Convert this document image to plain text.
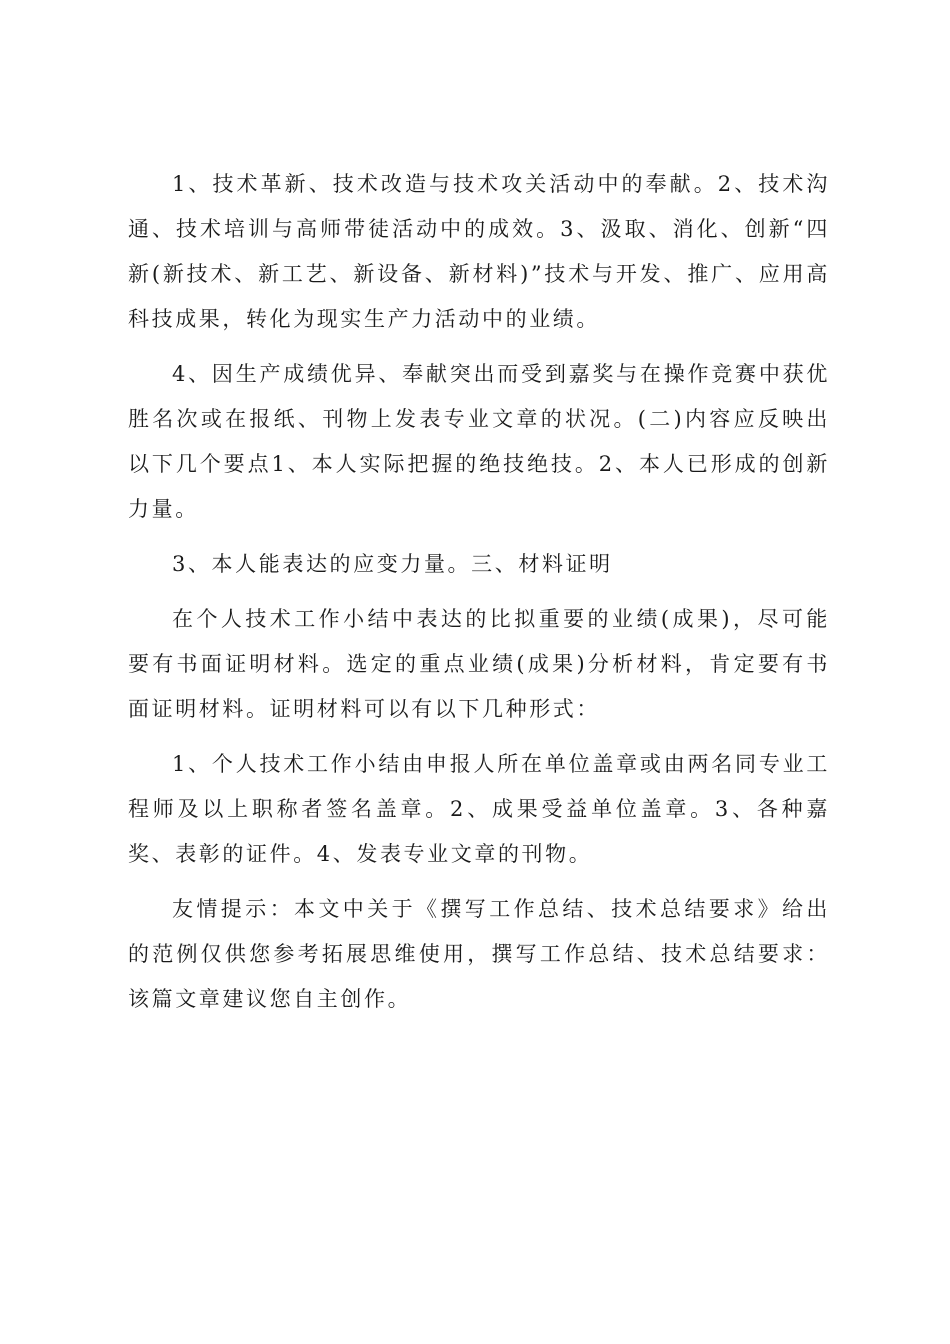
1、技术革新、技术改造与技术攻关活动中的奉献。2、技术沟通、技术培训与高师带徒活动中的成效。3、汲取、消化、创新“四新(新技术、新工艺、新设备、新材料)”技术与开发、推广、应用高科技成果，转化为现实生产力活动中的业绩。

4、因生产成绩优异、奉献突出而受到嘉奖与在操作竞赛中获优胜名次或在报纸、刊物上发表专业文章的状况。(二)内容应反映出以下几个要点1、本人实际把握的绝技绝技。2、本人已形成的创新力量。

3、本人能表达的应变力量。三、材料证明

在个人技术工作小结中表达的比拟重要的业绩(成果)，尽可能要有书面证明材料。选定的重点业绩(成果)分析材料，肯定要有书面证明材料。证明材料可以有以下几种形式：

1、个人技术工作小结由申报人所在单位盖章或由两名同专业工程师及以上职称者签名盖章。2、成果受益单位盖章。3、各种嘉奖、表彰的证件。4、发表专业文章的刊物。

友情提示：本文中关于《撰写工作总结、技术总结要求》给出的范例仅供您参考拓展思维使用，撰写工作总结、技术总结要求：该篇文章建议您自主创作。
